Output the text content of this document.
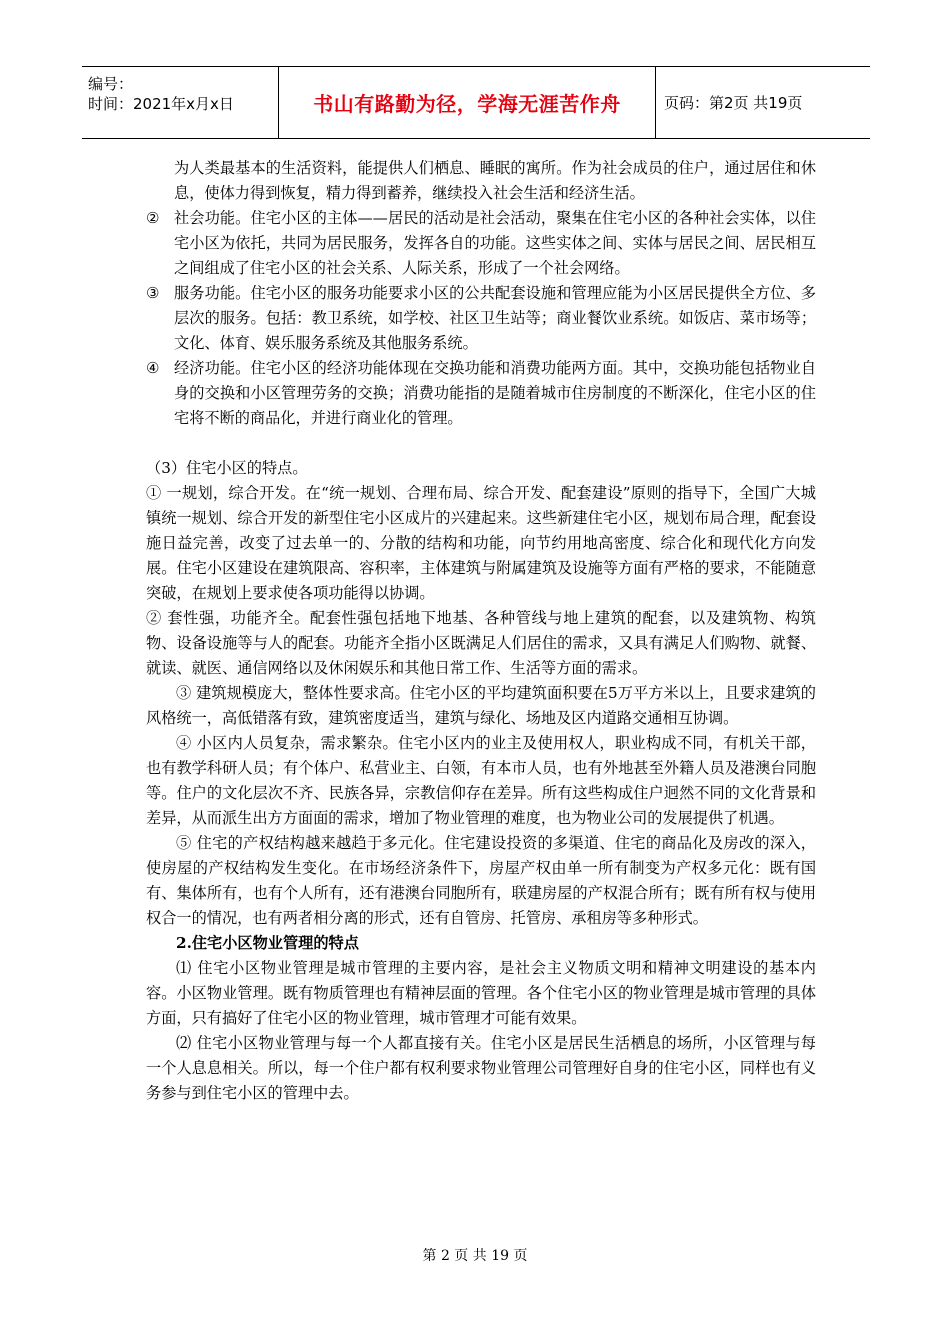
编号：
时间：2021年x月x日	书山有路勤为径，学海无涯苦作舟	页码：第2页 共19页

为人类最基本的生活资料，能提供人们栖息、睡眠的寓所。作为社会成员的住户，通过居住和休息，使体力得到恢复，精力得到蓄养，继续投入社会生活和经济生活。

② 社会功能。住宅小区的主体——居民的活动是社会活动，聚集在住宅小区的各种社会实体，以住宅小区为依托，共同为居民服务，发挥各自的功能。这些实体之间、实体与居民之间、居民相互之间组成了住宅小区的社会关系、人际关系，形成了一个社会网络。

③ 服务功能。住宅小区的服务功能要求小区的公共配套设施和管理应能为小区居民提供全方位、多层次的服务。包括：教卫系统，如学校、社区卫生站等；商业餐饮业系统。如饭店、菜市场等；文化、体育、娱乐服务系统及其他服务系统。

④ 经济功能。住宅小区的经济功能体现在交换功能和消费功能两方面。其中，交换功能包括物业自身的交换和小区管理劳务的交换；消费功能指的是随着城市住房制度的不断深化，住宅小区的住宅将不断的商品化，并进行商业化的管理。

（3）住宅小区的特点。

① 一规划，综合开发。在“统一规划、合理布局、综合开发、配套建设”原则的指导下，全国广大城镇统一规划、综合开发的新型住宅小区成片的兴建起来。这些新建住宅小区，规划布局合理，配套设施日益完善，改变了过去单一的、分散的结构和功能，向节约用地高密度、综合化和现代化方向发展。住宅小区建设在建筑限高、容积率，主体建筑与附属建筑及设施等方面有严格的要求，不能随意突破，在规划上要求使各项功能得以协调。

② 套性强，功能齐全。配套性强包括地下地基、各种管线与地上建筑的配套，以及建筑物、构筑物、设备设施等与人的配套。功能齐全指小区既满足人们居住的需求，又具有满足人们购物、就餐、就读、就医、通信网络以及休闲娱乐和其他日常工作、生活等方面的需求。

③ 建筑规模庞大，整体性要求高。住宅小区的平均建筑面积要在5万平方米以上，且要求建筑的风格统一，高低错落有致，建筑密度适当，建筑与绿化、场地及区内道路交通相互协调。

④ 小区内人员复杂，需求繁杂。住宅小区内的业主及使用权人，职业构成不同，有机关干部，也有教学科研人员；有个体户、私营业主、白领，有本市人员，也有外地甚至外籍人员及港澳台同胞等。住户的文化层次不齐、民族各异，宗教信仰存在差异。所有这些构成住户迥然不同的文化背景和差异，从而派生出方方面面的需求，增加了物业管理的难度，也为物业公司的发展提供了机遇。

⑤ 住宅的产权结构越来越趋于多元化。住宅建设投资的多渠道、住宅的商品化及房改的深入，使房屋的产权结构发生变化。在市场经济条件下，房屋产权由单一所有制变为产权多元化：既有国有、集体所有，也有个人所有，还有港澳台同胞所有，联建房屋的产权混合所有；既有所有权与使用权合一的情况，也有两者相分离的形式，还有自管房、托管房、承租房等多种形式。

2.住宅小区物业管理的特点

⑴ 住宅小区物业管理是城市管理的主要内容，是社会主义物质文明和精神文明建设的基本内容。小区物业管理。既有物质管理也有精神层面的管理。各个住宅小区的物业管理是城市管理的具体方面，只有搞好了住宅小区的物业管理，城市管理才可能有效果。

⑵ 住宅小区物业管理与每一个人都直接有关。住宅小区是居民生活栖息的场所，小区管理与每一个人息息相关。所以，每一个住户都有权利要求物业管理公司管理好自身的住宅小区，同样也有义务参与到住宅小区的管理中去。

第 2 页 共 19 页
